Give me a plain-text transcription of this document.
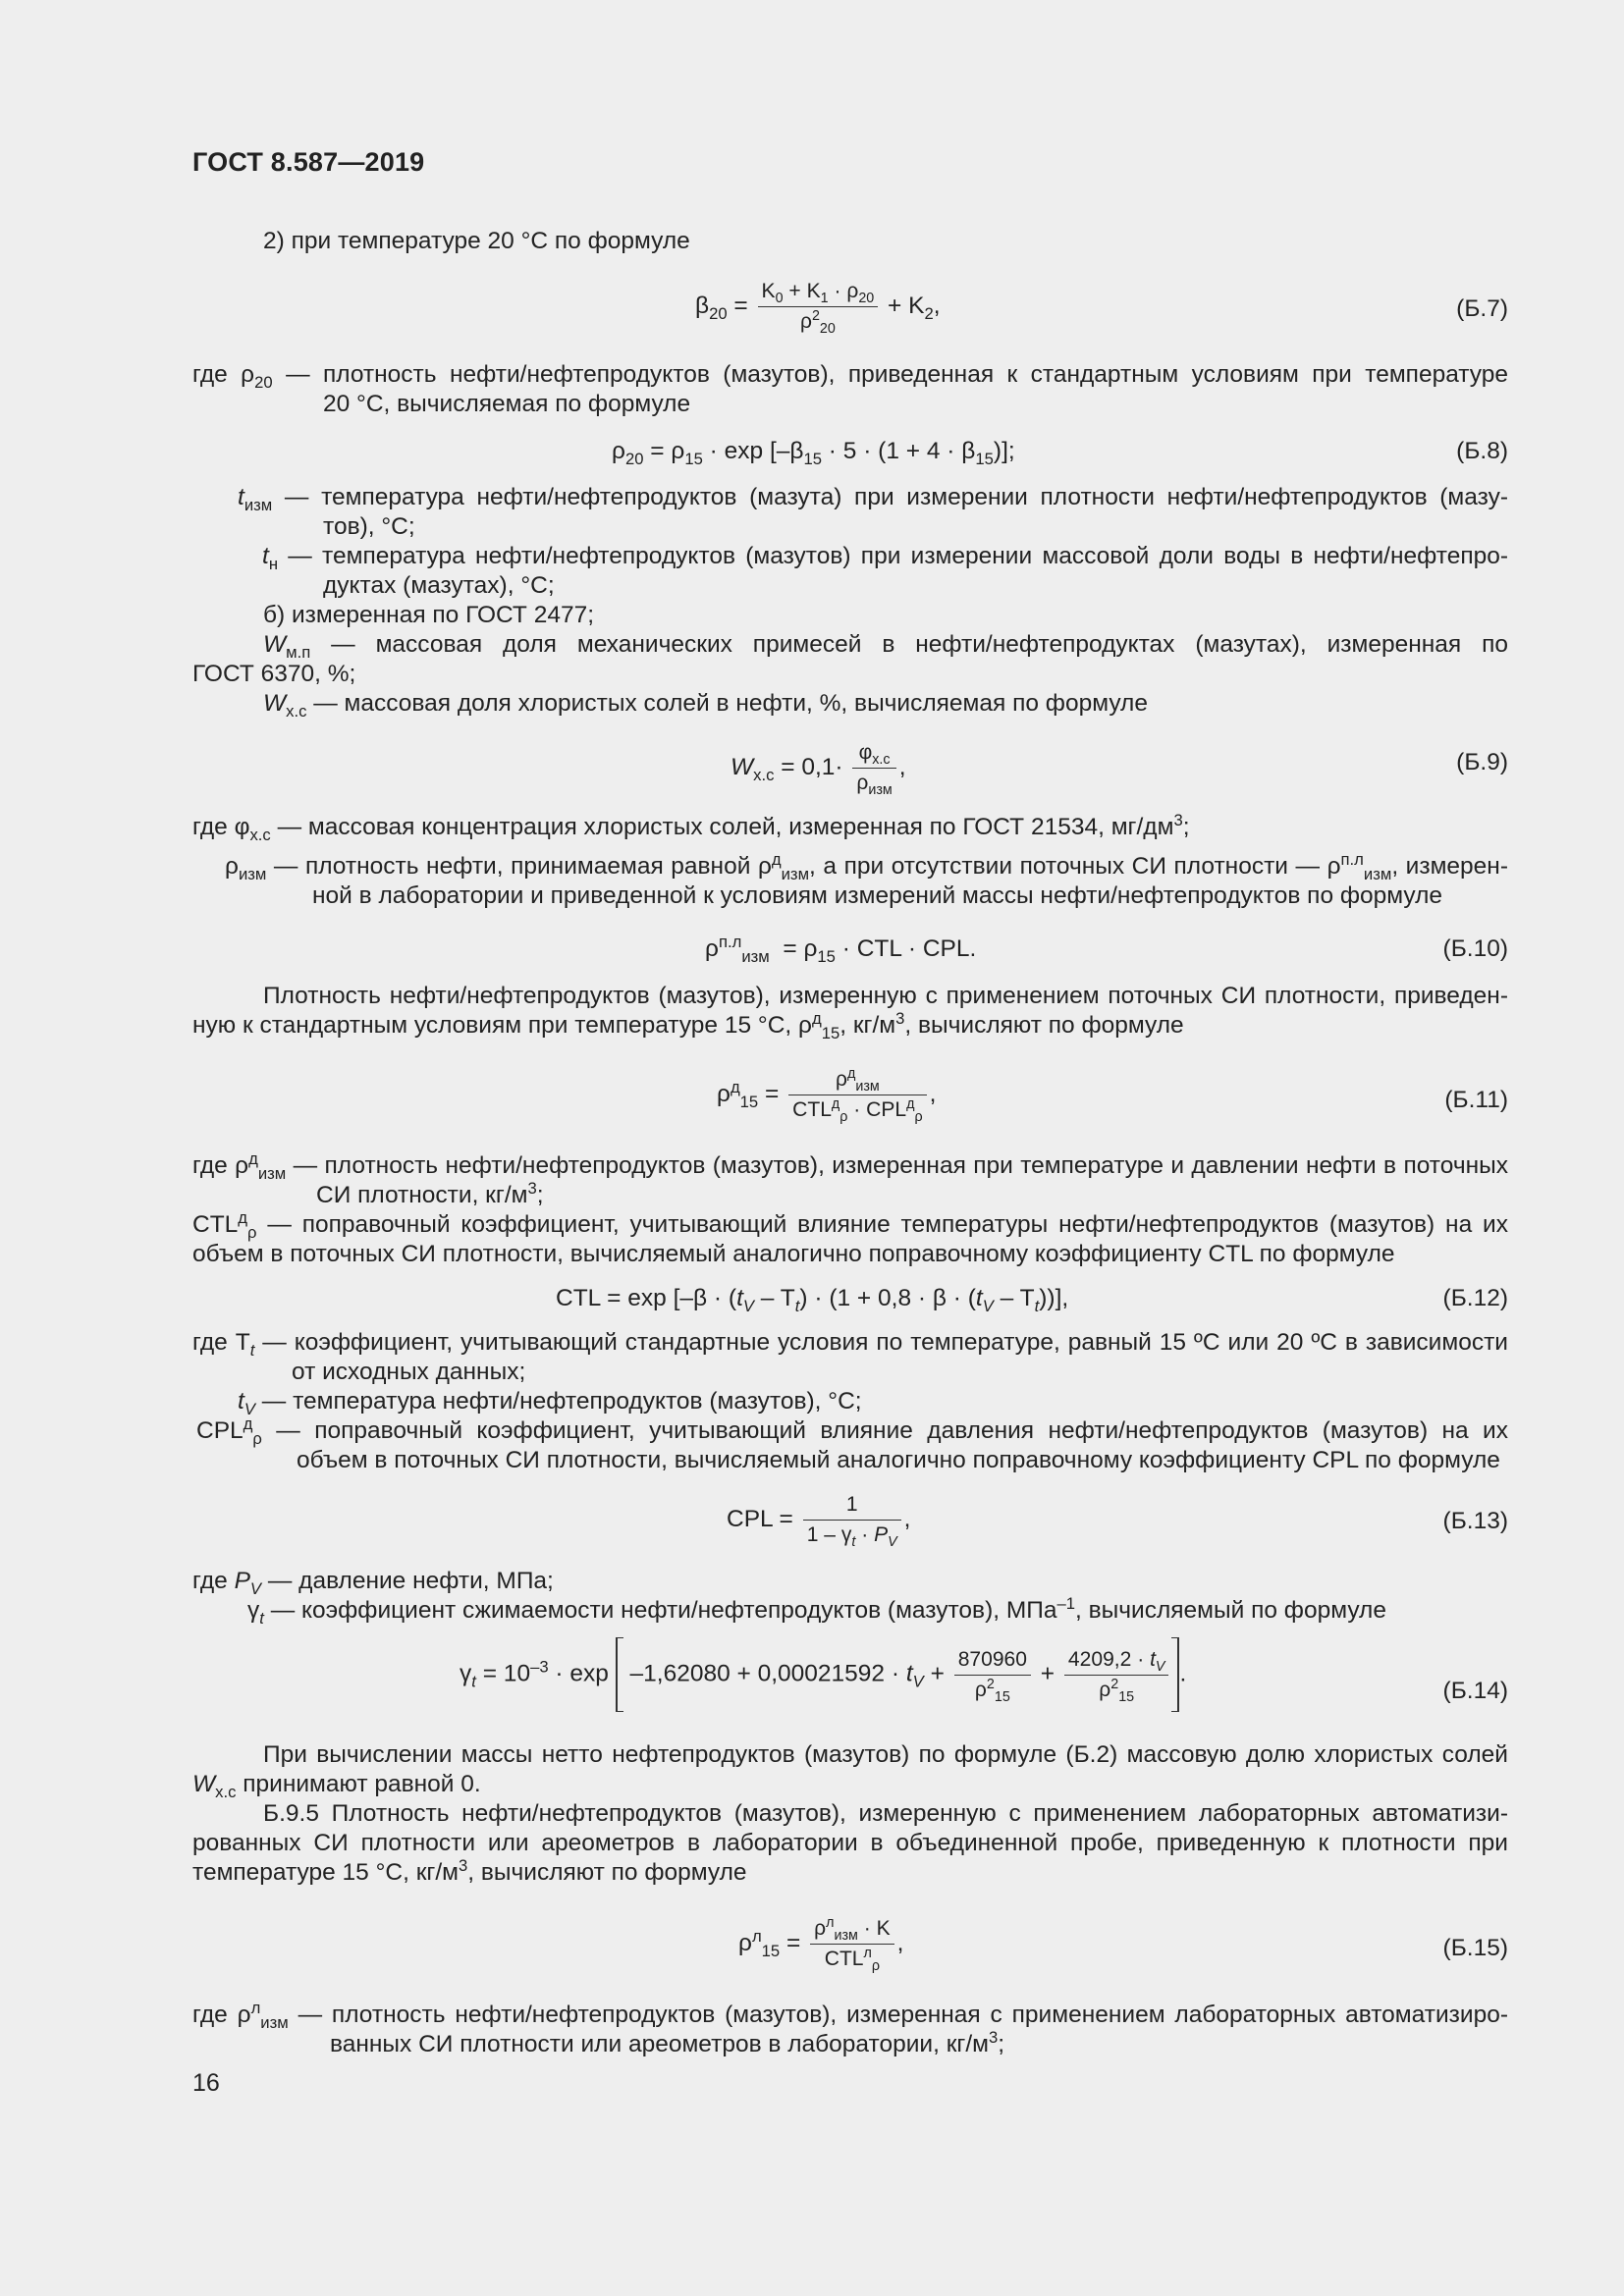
ГОСТ 8.587—2019
2) при температуре 20 °С по формуле
$\beta_{20} = \frac{K_0 + K_1 \cdot \rho_{20}}{\rho^2_{20}} + K_2$,	(Б.7)
где $\rho_{20}$ — плотность нефти/нефтепродуктов (мазутов), приведенная к стандартным условиям при температуре
20 °С, вычисляемая по формуле
$\rho_{20} = \rho_{15} \cdot \exp [-\beta_{15} \cdot 5 \cdot (1 + 4 \cdot \beta_{15})]$;	(Б.8)
$t_{изм}$ — температура нефти/нефтепродуктов (мазута) при измерении плотности нефти/нефтепродуктов (мазу-
тов), °С;
$t_н$ — температура нефти/нефтепродуктов (мазутов) при измерении массовой доли воды в нефти/нефтепро-
дуктах (мазутах), °С;
б) измеренная по ГОСТ 2477;
$W_{м.п}$ — массовая доля механических примесей в нефти/нефтепродуктах (мазутах), измеренная по
ГОСТ 6370, %;
$W_{х.с}$ — массовая доля хлористых солей в нефти, %, вычисляемая по формуле
$W_{х.с} = 0,1\cdot$
$\varphi_{х.с}$
$\rho_{изм}$
,	(Б.9)
где $\varphi_{х.с}$ — массовая концентрация хлористых солей, измеренная по ГОСТ 21534, $мг/дм^3$;
$\rho_{изм}$ — плотность нефти, принимаемая равной $\rho^д_{изм}$, а при отсутствии поточных СИ плотности — $\rho^{п.л}_{изм}$, измерен-
ной в лаборатории и приведенной к условиям измерений массы нефти/нефтепродуктов по формуле
$\rho^{п.л}_{изм} = \rho_{15}$ · CTL · CPL.	(Б.10)
Плотность нефти/нефтепродуктов (мазутов), измеренную с применением поточных СИ плотности, приведен-
ную к стандартным условиям при температуре 15 °С, $\rho^д_{15}$, $кг/м^3$, вычисляют по формуле
$\rho^д_{15}$ =
$\rho^д_{изм}$
$CTL^д_\rho \cdot CPL^д_\rho$
,	(Б.11)
где $\rho^д_{изм}$ — плотность нефти/нефтепродуктов (мазутов), измеренная при температуре и давлении нефти в поточных
СИ плотности, $кг/м^3$;
$CTL^д_\rho$ — поправочный коэффициент, учитывающий влияние температуры нефти/нефтепродуктов (мазутов) на их
объем в поточных СИ плотности, вычисляемый аналогично поправочному коэффициенту CTL по формуле
CTL = $\exp [-\beta \cdot (t_V - T_t) \cdot (1 + 0,8 \cdot \beta \cdot (t_V - T_t))]$,	(Б.12)
где $T_t$ — коэффициент, учитывающий стандартные условия по температуре, равный 15 ºС или 20 ºС в зависимости
от исходных данных;
$t_V$ — температура нефти/нефтепродуктов (мазутов), °С;
$CPL^д_\rho$ — поправочный коэффициент, учитывающий влияние давления нефти/нефтепродуктов (мазутов) на их
объем в поточных СИ плотности, вычисляемый аналогично поправочному коэффициенту CPL по формуле
CPL = $\frac{1}{1 - \gamma_t \cdot P_V}$ ,	(Б.13)
где $P_V$ — давление нефти, МПа;
$\gamma_t$ — коэффициент сжимаемости нефти/нефтепродуктов (мазутов), МПа$^{-1}$, вычисляемый по формуле
$\gamma_t = 10^{-3} \cdot \exp -1,62080 + 0,00021592 \cdot t_V + \frac{870960}{\rho^2_{15}} + \frac{4209,2 \cdot t_V}{\rho^2_{15}}$ .
(Б.14)
При вычислении массы нетто нефтепродуктов (мазутов) по формуле (Б.2) массовую долю хлористых солей
$W_{х.с}$ принимают равной 0.
Б.9.5 Плотность нефти/нефтепродуктов (мазутов), измеренную с применением лабораторных автоматизи-
рованных СИ плотности или ареометров в лаборатории в объединенной пробе, приведенную к плотности при
температуре 15 °С, $кг/м^3$, вычисляют по формуле
$\rho^л_{15}$ =
$\rho^л_{изм} \cdot K$
$CTL^л_\rho$
,	(Б.15)
где $\rho^л_{изм}$ — плотность нефти/нефтепродуктов (мазутов), измеренная с применением лабораторных автоматизиро-
ванных СИ плотности или ареометров в лаборатории, $кг/м^3$;
16
